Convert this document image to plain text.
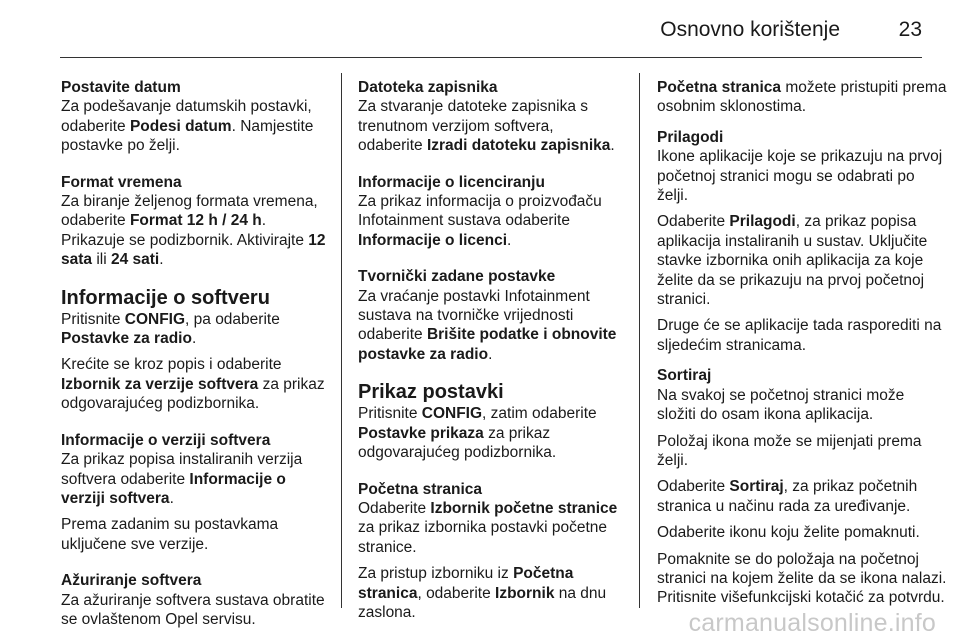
Osnovno korištenje	23

Postavite datum

Za podešavanje datumskih postavki, odaberite Podesi datum. Namjestite postavke po želji.

Format vremena

Za biranje željenog formata vremena, odaberite Format 12 h / 24 h. Prikazuje se podizbornik. Aktivirajte 12 sata ili 24 sati.

Informacije o softveru

Pritisnite CONFIG, pa odaberite Postavke za radio.

Krećite se kroz popis i odaberite Izbornik za verzije softvera za prikaz odgovarajućeg podizbornika.

Informacije o verziji softvera

Za prikaz popisa instaliranih verzija softvera odaberite Informacije o verziji softvera.

Prema zadanim su postavkama uključene sve verzije.

Ažuriranje softvera

Za ažuriranje softvera sustava obratite se ovlaštenom Opel servisu.

Datoteka zapisnika

Za stvaranje datoteke zapisnika s trenutnom verzijom softvera, odaberite Izradi datoteku zapisnika.

Informacije o licenciranju

Za prikaz informacija o proizvođaču Infotainment sustava odaberite Informacije o licenci.

Tvornički zadane postavke

Za vraćanje postavki Infotainment sustava na tvorničke vrijednosti odaberite Brišite podatke i obnovite postavke za radio.

Prikaz postavki

Pritisnite CONFIG, zatim odaberite Postavke prikaza za prikaz odgovarajućeg podizbornika.

Početna stranica

Odaberite Izbornik početne stranice za prikaz izbornika postavki početne stranice.

Za pristup izborniku iz Početna stranica, odaberite Izbornik na dnu zaslona.

Početna stranica možete pristupiti prema osobnim sklonostima.

Prilagodi

Ikone aplikacije koje se prikazuju na prvoj početnoj stranici mogu se odabrati po želji.

Odaberite Prilagodi, za prikaz popisa aplikacija instaliranih u sustav. Uključite stavke izbornika onih aplikacija za koje želite da se prikazuju na prvoj početnoj stranici.

Druge će se aplikacije tada rasporediti na sljedećim stranicama.

Sortiraj

Na svakoj se početnoj stranici može složiti do osam ikona aplikacija.

Položaj ikona može se mijenjati prema želji.

Odaberite Sortiraj, za prikaz početnih stranica u načinu rada za uređivanje.

Odaberite ikonu koju želite pomaknuti.

Pomaknite se do položaja na početnoj stranici na kojem želite da se ikona nalazi. Pritisnite višefunkcijski kotačić za potvrdu.

carmanualsonline.info
